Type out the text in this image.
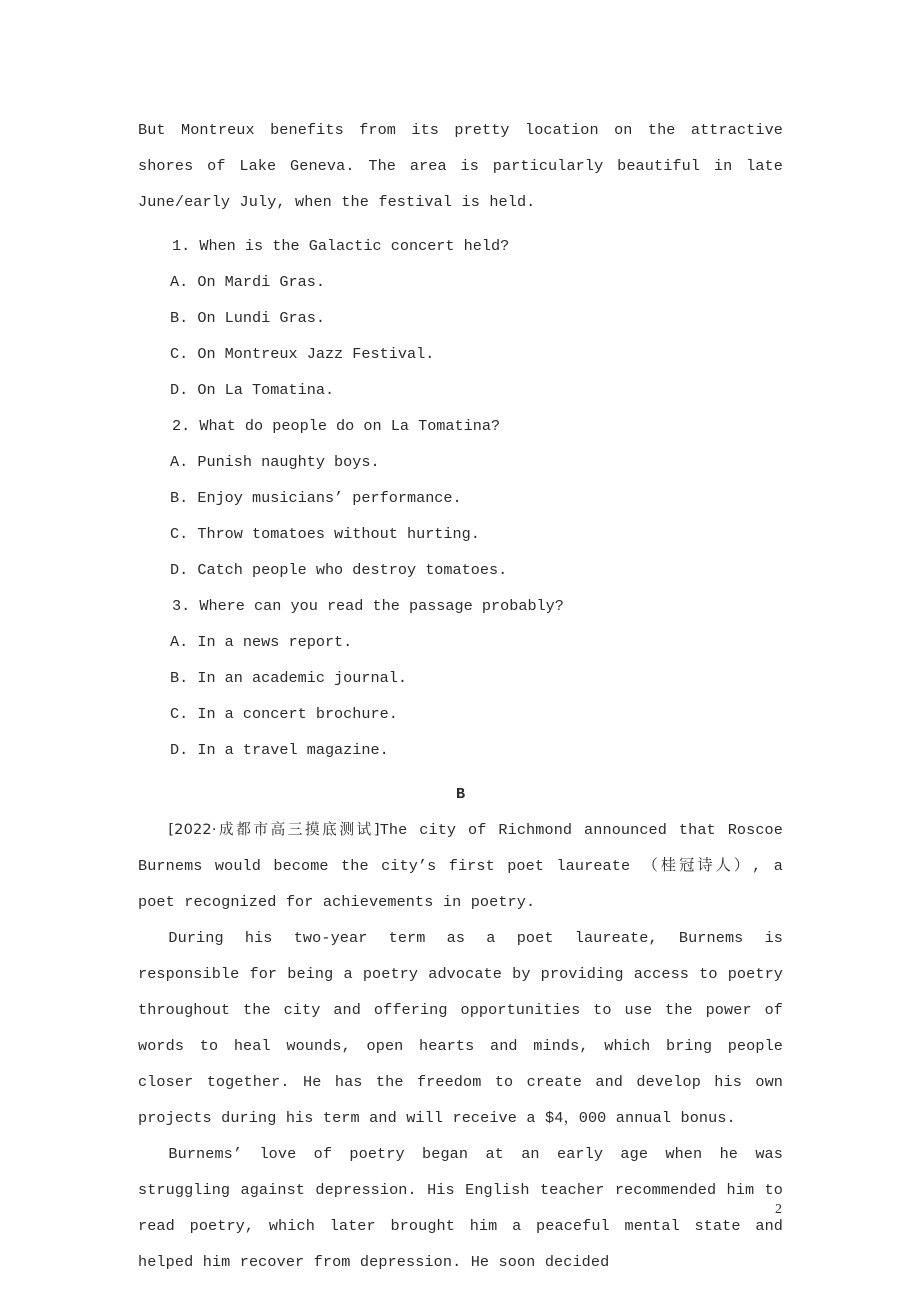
But Montreux benefits from its pretty location on the attractive shores of Lake Geneva. The area is particularly beautiful in late June/early July, when the festival is held.

1. When is the Galactic concert held?

A. On Mardi Gras.

B. On Lundi Gras.

C. On Montreux Jazz Festival.

D. On La Tomatina.

2. What do people do on La Tomatina?

A. Punish naughty boys.

B. Enjoy musicians’ performance.

C. Throw tomatoes without hurting.

D. Catch people who destroy tomatoes.

3. Where can you read the passage probably?

A. In a news report.

B. In an academic journal.

C. In a concert brochure.

D. In a travel magazine.

B

[2022·成都市高三摸底测试]The city of Richmond announced that Roscoe Burnems would become the city’s first poet laureate （桂冠诗人）, a poet recognized for achievements in poetry.

During his two-year term as a poet laureate, Burnems is responsible for being a poetry advocate by providing access to poetry throughout the city and offering opportunities to use the power of words to heal wounds, open hearts and minds, which bring people closer together. He has the freedom to create and develop his own projects during his term and will receive a $4，000 annual bonus.

Burnems’ love of poetry began at an early age when he was struggling against depression. His English teacher recommended him to read poetry, which later brought him a peaceful mental state and helped him recover from depression. He soon decided

2
